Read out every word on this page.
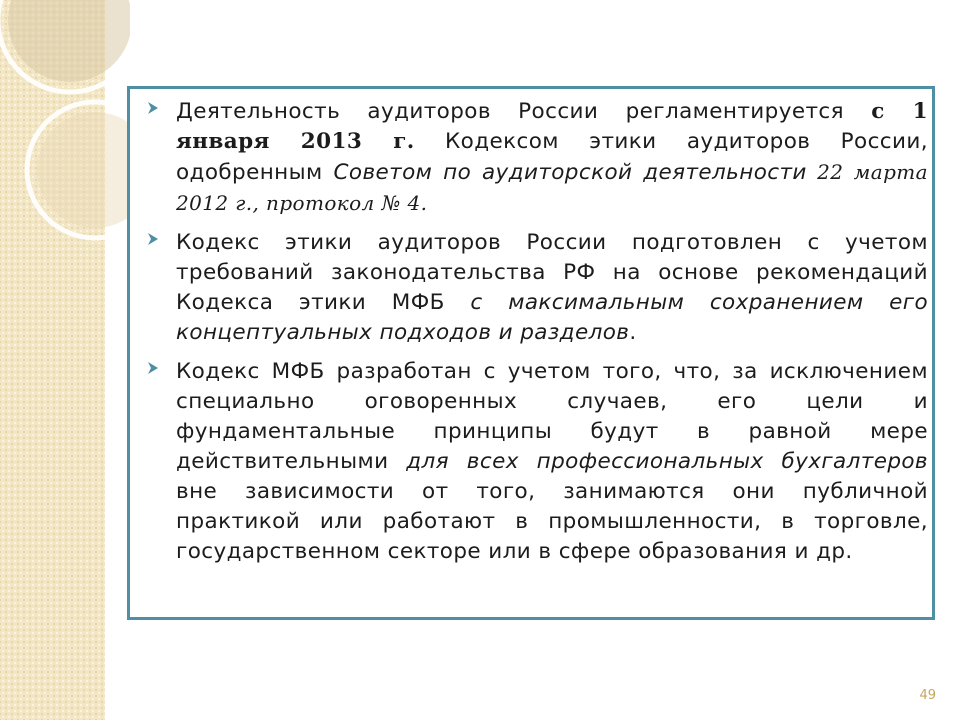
Деятельность аудиторов России регламентируется с 1 января 2013 г. Кодексом этики аудиторов России, одобренным Советом по аудиторской деятельности 22 марта 2012 г., протокол № 4.
Кодекс этики аудиторов России подготовлен с учетом требований законодательства РФ на основе рекомендаций Кодекса этики МФБ с максимальным сохранением его концептуальных подходов и разделов.
Кодекс МФБ разработан с учетом того, что, за исключением специально оговоренных случаев, его цели и фундаментальные принципы будут в равной мере действительными для всех профессиональных бухгалтеров вне зависимости от того, занимаются они публичной практикой или работают в промышленности, в торговле, государственном секторе или в сфере образования и др.
49
